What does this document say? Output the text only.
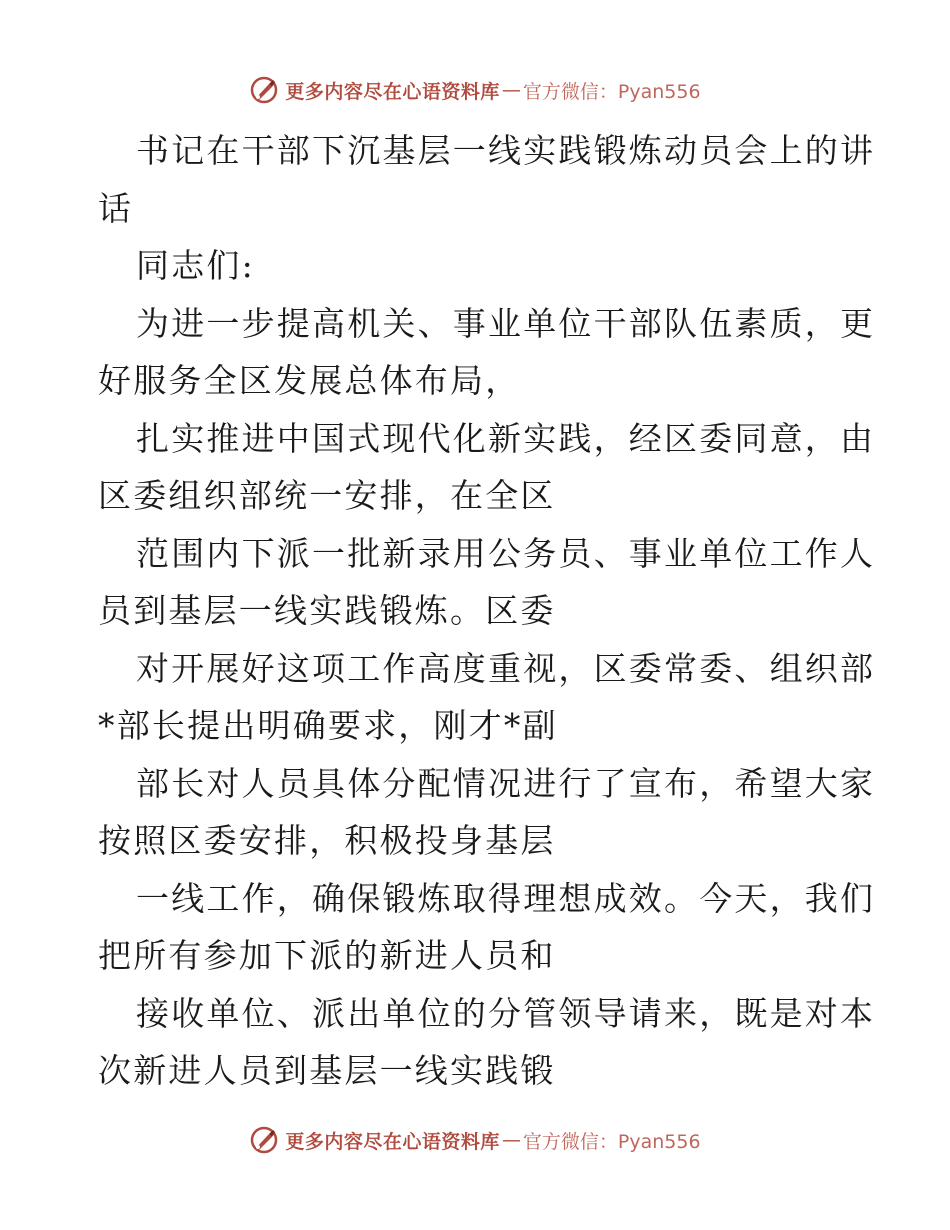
更多内容尽在心语资料库 — 官方微信：Pyan556
书记在干部下沉基层一线实践锻炼动员会上的讲
话
同志们:
为进一步提高机关、事业单位干部队伍素质，更
好服务全区发展总体布局，
扎实推进中国式现代化新实践，经区委同意，由
区委组织部统一安排，在全区
范围内下派一批新录用公务员、事业单位工作人
员到基层一线实践锻炼。区委
对开展好这项工作高度重视，区委常委、组织部
*部长提出明确要求，刚才*副
部长对人员具体分配情况进行了宣布，希望大家
按照区委安排，积极投身基层
一线工作，确保锻炼取得理想成效。今天，我们
把所有参加下派的新进人员和
接收单位、派出单位的分管领导请来，既是对本
次新进人员到基层一线实践锻
更多内容尽在心语资料库 — 官方微信：Pyan556
